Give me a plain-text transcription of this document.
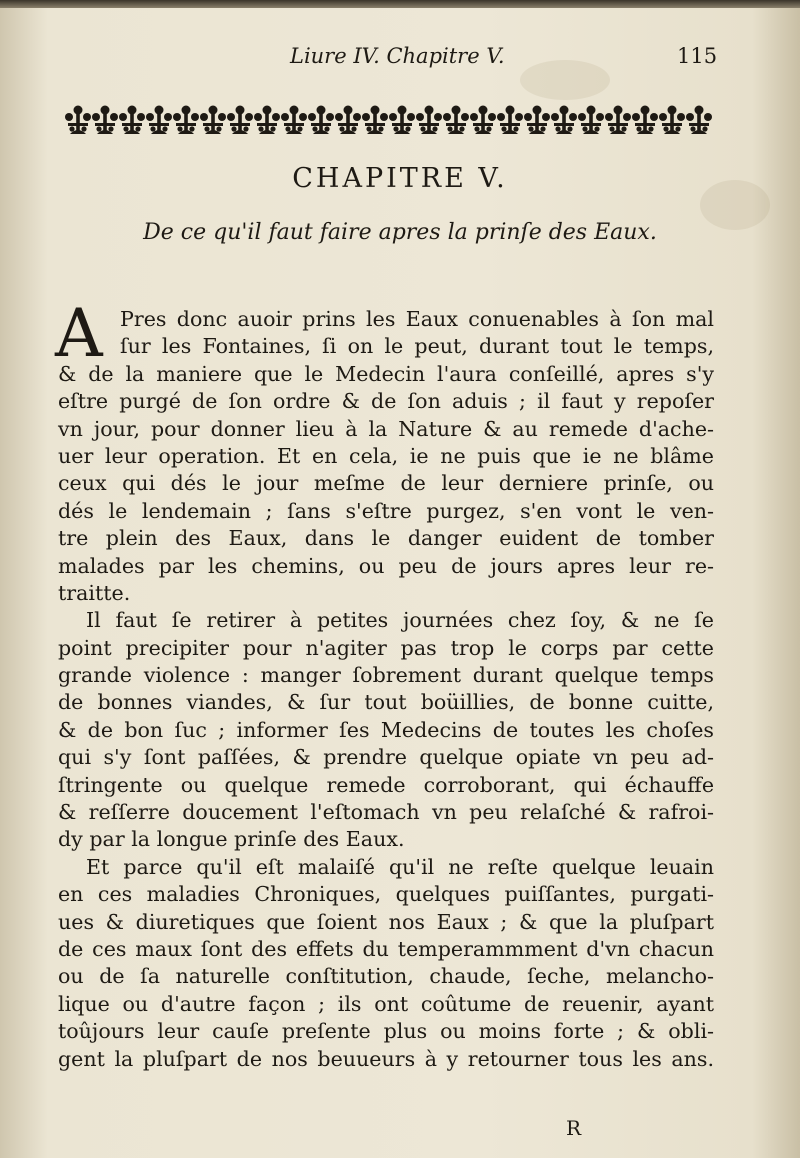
Liure IV. Chapitre V.	115
CHAPITRE V.
De ce qu'il faut faire apres la prinſe des Eaux.
A Pres donc auoir prins les Eaux conuenables à ſon mal
ſur les Fontaines, ſi on le peut, durant tout le temps,
& de la maniere que le Medecin l'aura conſeillé, apres s'y
eſtre purgé de ſon ordre & de ſon aduis ; il faut y repoſer
vn jour, pour donner lieu à la Nature & au remede d'ache-
uer leur operation. Et en cela, ie ne puis que ie ne blâme
ceux qui dés le jour meſme de leur derniere prinſe, ou
dés le lendemain ; ſans s'eſtre purgez, s'en vont le ven-
tre plein des Eaux, dans le danger euident de tomber
malades par les chemins, ou peu de jours apres leur re-
traitte.
Il faut ſe retirer à petites journées chez ſoy, & ne ſe
point precipiter pour n'agiter pas trop le corps par cette
grande violence : manger ſobrement durant quelque temps
de bonnes viandes, & ſur tout boüillies, de bonne cuitte,
& de bon ſuc ; informer ſes Medecins de toutes les choſes
qui s'y ſont paſſées, & prendre quelque opiate vn peu ad-
ſtringente ou quelque remede corroborant, qui échauffe
& reſſerre doucement l'eſtomach vn peu relaſché & rafroi-
dy par la longue prinſe des Eaux.
Et parce qu'il eſt malaiſé qu'il ne reſte quelque leuain
en ces maladies Chroniques, quelques puiſſantes, purgati-
ues & diuretiques que ſoient nos Eaux ; & que la pluſpart
de ces maux ſont des effets du temperammment d'vn chacun
ou de ſa naturelle conſtitution, chaude, ſeche, melancho-
lique ou d'autre façon ; ils ont coûtume de reuenir, ayant
toûjours leur cauſe preſente plus ou moins forte ; & obli-
gent la pluſpart de nos beuueurs à y retourner tous les ans.
R
